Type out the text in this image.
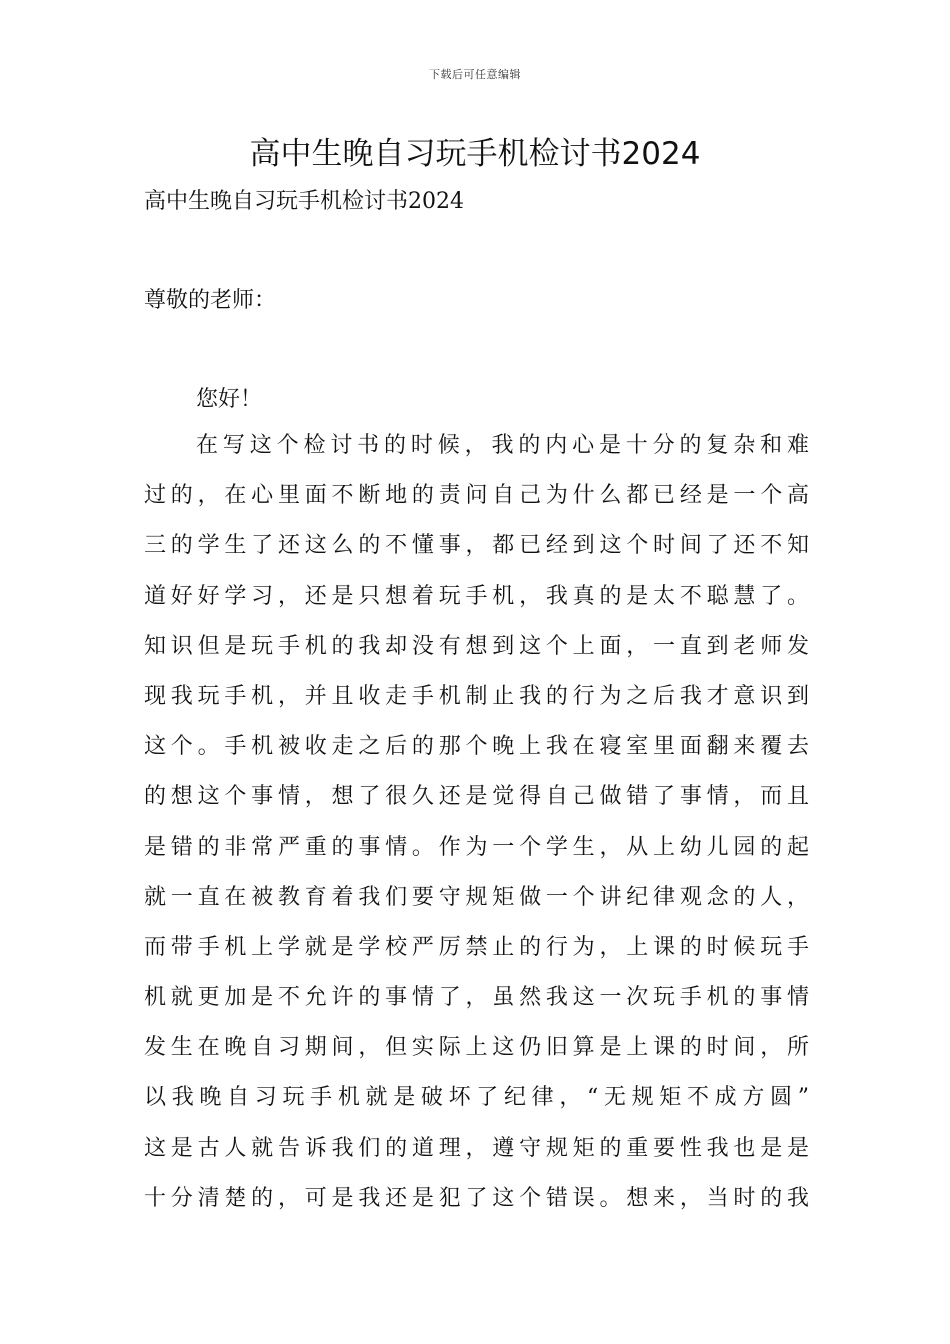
下载后可任意编辑
高中生晚自习玩手机检讨书2024

高中生晚自习玩手机检讨书2024

尊敬的老师：

您好！

在写这个检讨书的时候，我的内心是十分的复杂和难
过的，在心里面不断地的责问自己为什么都已经是一个高
三的学生了还这么的不懂事，都已经到这个时间了还不知
道好好学习，还是只想着玩手机，我真的是太不聪慧了。
知识但是玩手机的我却没有想到这个上面，一直到老师发
现我玩手机，并且收走手机制止我的行为之后我才意识到
这个。手机被收走之后的那个晚上我在寝室里面翻来覆去
的想这个事情，想了很久还是觉得自己做错了事情，而且
是错的非常严重的事情。作为一个学生，从上幼儿园的起
就一直在被教育着我们要守规矩做一个讲纪律观念的人，
而带手机上学就是学校严厉禁止的行为，上课的时候玩手
机就更加是不允许的事情了，虽然我这一次玩手机的事情
发生在晚自习期间，但实际上这仍旧算是上课的时间，所
以我晚自习玩手机就是破坏了纪律，“无规矩不成方圆”
这是古人就告诉我们的道理，遵守规矩的重要性我也是是
十分清楚的，可是我还是犯了这个错误。想来，当时的我
